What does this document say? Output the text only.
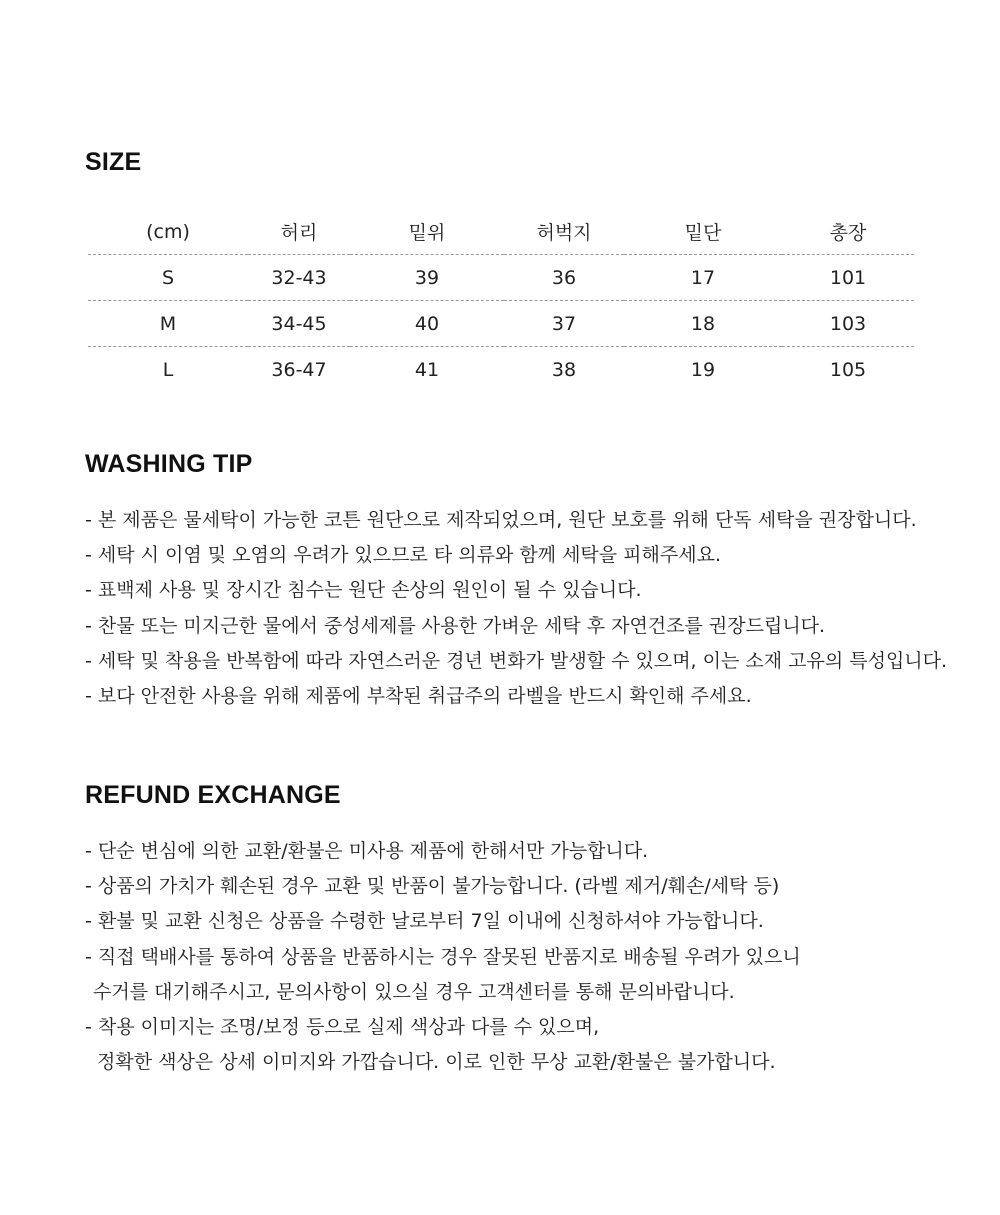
SIZE
(cm)	허리	밑위	허벅지	밑단	총장
S	32-43	39	36	17	101
M	34-45	40	37	18	103
L	36-47	41	38	19	105
WASHING TIP
- 본 제품은 물세탁이 가능한 코튼 원단으로 제작되었으며, 원단 보호를 위해 단독 세탁을 권장합니다.
- 세탁 시 이염 및 오염의 우려가 있으므로 타 의류와 함께 세탁을 피해주세요.
- 표백제 사용 및 장시간 침수는 원단 손상의 원인이 될 수 있습니다.
- 찬물 또는 미지근한 물에서 중성세제를 사용한 가벼운 세탁 후 자연건조를 권장드립니다.
- 세탁 및 착용을 반복함에 따라 자연스러운 경년 변화가 발생할 수 있으며, 이는 소재 고유의 특성입니다.
- 보다 안전한 사용을 위해 제품에 부착된 취급주의 라벨을 반드시 확인해 주세요.
REFUND EXCHANGE
- 단순 변심에 의한 교환/환불은 미사용 제품에 한해서만 가능합니다.
- 상품의 가치가 훼손된 경우 교환 및 반품이 불가능합니다. (라벨 제거/훼손/세탁 등)
- 환불 및 교환 신청은 상품을 수령한 날로부터 7일 이내에 신청하셔야 가능합니다.
- 직접 택배사를 통하여 상품을 반품하시는 경우 잘못된 반품지로 배송될 우려가 있으니
수거를 대기해주시고, 문의사항이 있으실 경우 고객센터를 통해 문의바랍니다.
- 착용 이미지는 조명/보정 등으로 실제 색상과 다를 수 있으며,
정확한 색상은 상세 이미지와 가깝습니다. 이로 인한 무상 교환/환불은 불가합니다.
